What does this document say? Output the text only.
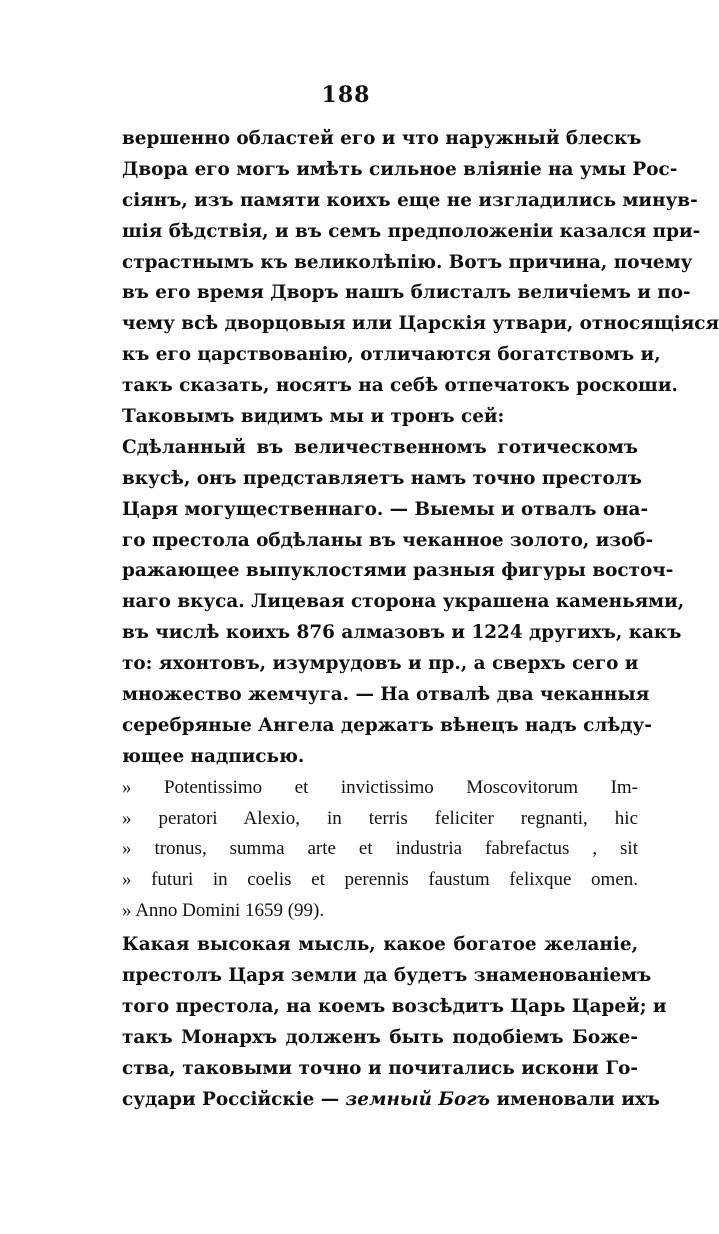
188
вершенно областей его и что наружный блескъ
Двора его могъ имѣть сильное влiянiе на умы Рос-
сiянъ, изъ памяти коихъ еще не изгладились минув-
шiя бѣдствiя, и въ семъ предположенiи казался при-
страстнымъ къ великолѣпiю. Вотъ причина, почему
въ его время Дворъ нашъ блисталъ величiемъ и по-
чему всѣ дворцовыя или Царскiя утвари, относящiяся
къ его царствованiю, отличаются богатствомъ и,
такъ сказать, носятъ на себѣ отпечатокъ роскоши.
Таковымъ видимъ мы и тронъ сей:
Сдѣланный въ величественномъ готическомъ
вкусѣ, онъ представляетъ намъ точно престолъ
Царя могущественнаго. — Выемы и отвалъ она-
го престола обдѣланы въ чеканное золото, изоб-
ражающее выпуклостями разныя фигуры восточ-
наго вкуса. Лицевая сторона украшена каменьями,
въ числѣ коихъ 876 алмазовъ и 1224 другихъ, какъ
то: яхонтовъ, изумрудовъ и пр., а сверхъ сего и
множество жемчуга. — На отвалѣ два чеканныя
серебряные Ангела держатъ вѣнецъ надъ слѣду-
ющее надписью.
» Potentissimo et invictissimo Moscovitorum Im-
» peratori Alexio, in terris feliciter regnanti, hic
» tronus, summa arte et industria fabrefactus , sit
» futuri in coelis et perennis faustum felixque omen.
» Anno Domini 1659 (99).
Какая высокая мысль, какое богатое желанiе,
престолъ Царя земли да будетъ знаменованiемъ
того престола, на коемъ возсѣдитъ Царь Царей; и
такъ Монархъ долженъ быть подобiемъ Боже-
ства, таковыми точно и почитались искони Го-
судари Россiйскiе — земный Богъ именовали ихъ
